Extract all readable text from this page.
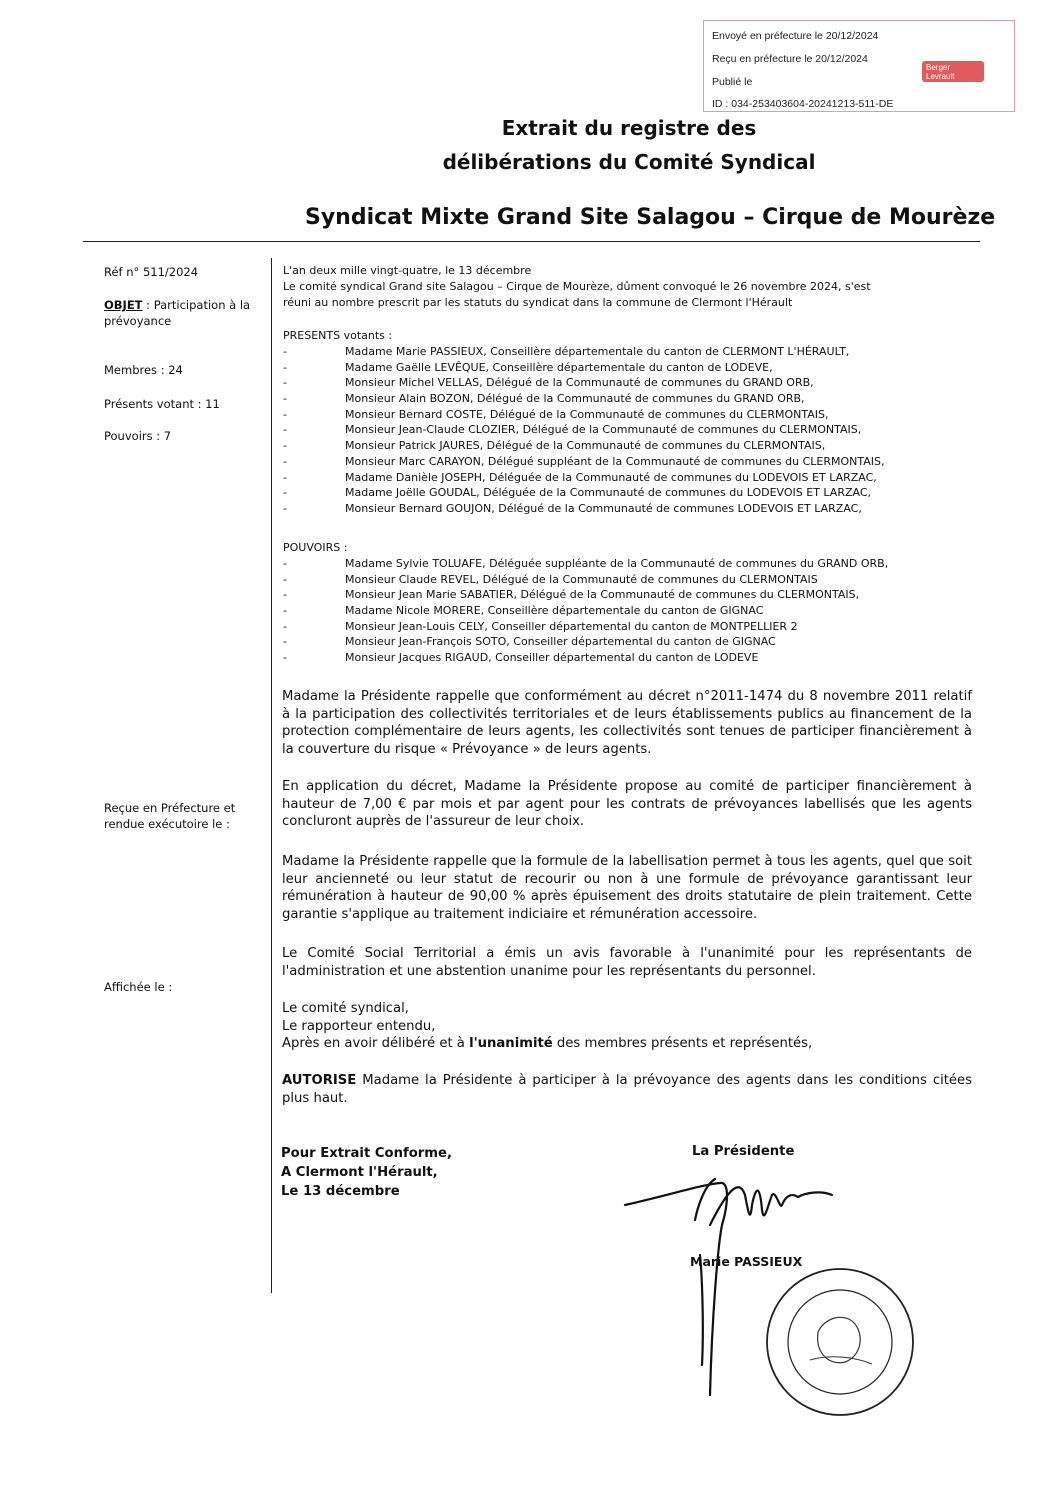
Envoyé en préfecture le 20/12/2024
Reçu en préfecture le 20/12/2024
Publié le
ID : 034-253403604-20241213-511-DE
Berger
Levrault
Extrait du registre des
délibérations du Comité Syndical
Syndicat Mixte Grand Site Salagou – Cirque de Mourèze
Réf n° 511/2024
OBJET : Participation à la prévoyance
Membres : 24
Présents votant : 11
Pouvoirs : 7
Reçue en Préfecture et rendue exécutoire le :
Affichée le :
L'an deux mille vingt-quatre, le 13 décembre
Le comité syndical Grand site Salagou – Cirque de Mourèze, dûment convoqué le 26 novembre 2024, s'est
réuni au nombre prescrit par les statuts du syndicat dans la commune de Clermont l'Hérault
PRESENTS votants :
-	Madame Marie PASSIEUX, Conseillère départementale du canton de CLERMONT L'HÉRAULT,
-	Madame Gaëlle LEVÊQUE, Conseillère départementale du canton de LODEVE,
-	Monsieur Michel VELLAS, Délégué de la Communauté de communes du GRAND ORB,
-	Monsieur Alain BOZON, Délégué de la Communauté de communes du GRAND ORB,
-	Monsieur Bernard COSTE, Délégué de la Communauté de communes du CLERMONTAIS,
-	Monsieur Jean-Claude CLOZIER, Délégué de la Communauté de communes du CLERMONTAIS,
-	Monsieur Patrick JAURES, Délégué de la Communauté de communes du CLERMONTAIS,
-	Monsieur Marc CARAYON, Délégué suppléant de la Communauté de communes du CLERMONTAIS,
-	Madame Danièle JOSEPH, Déléguée de la Communauté de communes du LODEVOIS ET LARZAC,
-	Madame Joëlle GOUDAL, Déléguée de la Communauté de communes du LODEVOIS ET LARZAC,
-	Monsieur Bernard GOUJON, Délégué de la Communauté de communes LODEVOIS ET LARZAC,
POUVOIRS :
-	Madame Sylvie TOLUAFE, Déléguée suppléante de la Communauté de communes du GRAND ORB,
-	Monsieur Claude REVEL, Délégué de la Communauté de communes du CLERMONTAIS
-	Monsieur Jean Marie SABATIER, Délégué de la Communauté de communes du CLERMONTAIS,
-	Madame Nicole MORERE, Conseillère départementale du canton de GIGNAC
-	Monsieur Jean-Louis CELY, Conseiller départemental du canton de MONTPELLIER 2
-	Monsieur Jean-François SOTO, Conseiller départemental du canton de GIGNAC
-	Monsieur Jacques RIGAUD, Conseiller départemental du canton de LODEVE

Madame la Présidente rappelle que conformément au décret n°2011-1474 du 8 novembre 2011 relatif à la participation des collectivités territoriales et de leurs établissements publics au financement de la protection complémentaire de leurs agents, les collectivités sont tenues de participer financièrement à la couverture du risque « Prévoyance » de leurs agents.

En application du décret, Madame la Présidente propose au comité de participer financièrement à hauteur de 7,00 € par mois et par agent pour les contrats de prévoyances labellisés que les agents concluront auprès de l'assureur de leur choix.

Madame la Présidente rappelle que la formule de la labellisation permet à tous les agents, quel que soit leur ancienneté ou leur statut de recourir ou non à une formule de prévoyance garantissant leur rémunération à hauteur de 90,00 % après épuisement des droits statutaire de plein traitement. Cette garantie s'applique au traitement indiciaire et rémunération accessoire.

Le Comité Social Territorial a émis un avis favorable à l'unanimité pour les représentants de l'administration et une abstention unanime pour les représentants du personnel.

Le comité syndical,

Le rapporteur entendu,

Après en avoir délibéré et à l'unanimité des membres présents et représentés,

AUTORISE Madame la Présidente à participer à la prévoyance des agents dans les conditions citées plus haut.

Pour Extrait Conforme,
A Clermont l'Hérault,
Le 13 décembre
La Présidente
Marie PASSIEUX
